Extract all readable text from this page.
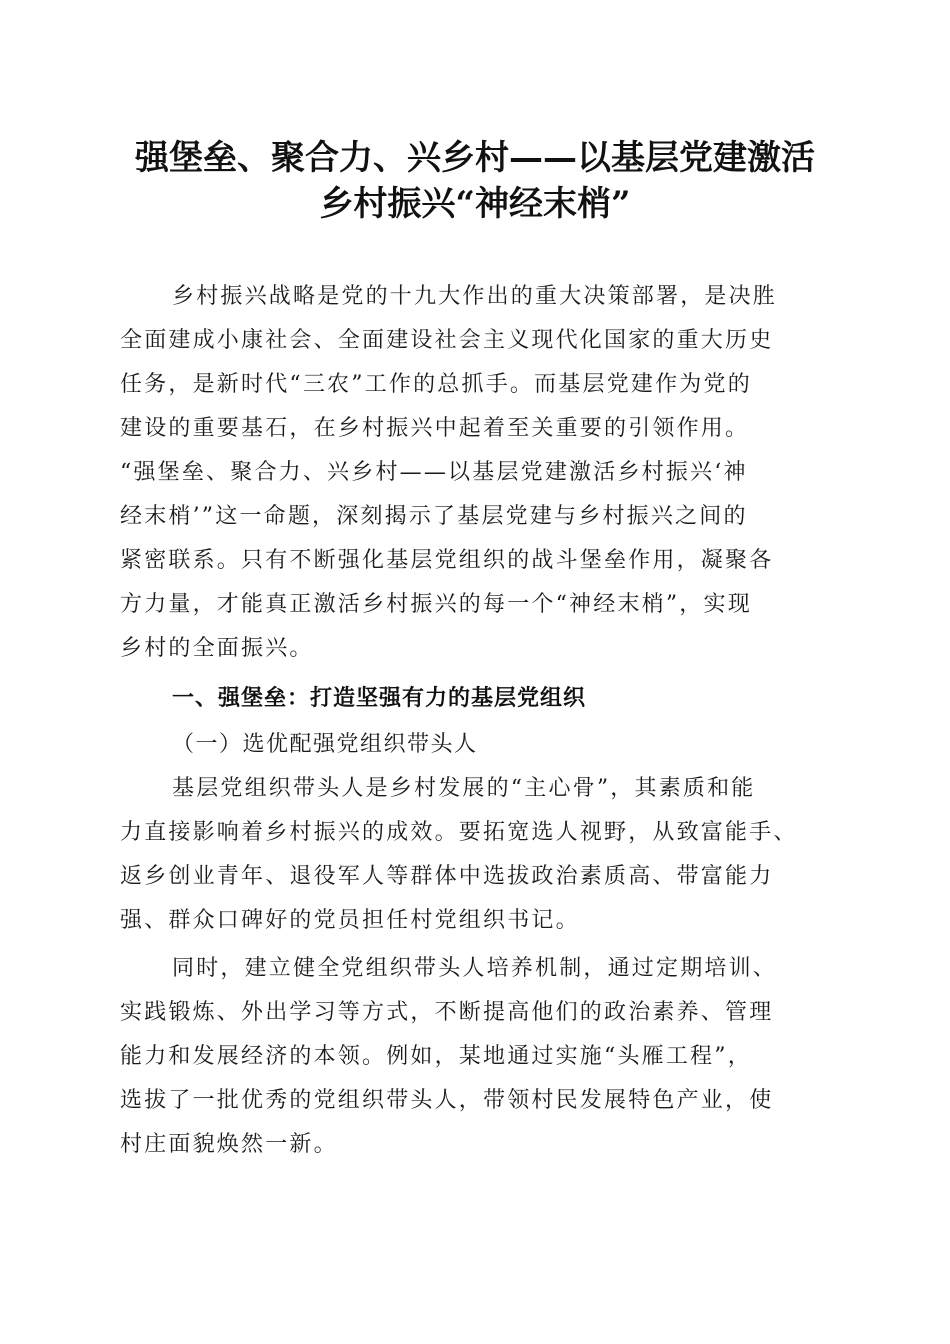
强堡垒、聚合力、兴乡村——以基层党建激活
乡村振兴“神经末梢”
乡村振兴战略是党的十九大作出的重大决策部署，是决胜
全面建成小康社会、全面建设社会主义现代化国家的重大历史
任务，是新时代“三农”工作的总抓手。而基层党建作为党的
建设的重要基石，在乡村振兴中起着至关重要的引领作用。
“强堡垒、聚合力、兴乡村——以基层党建激活乡村振兴‘神
经末梢’”这一命题，深刻揭示了基层党建与乡村振兴之间的
紧密联系。只有不断强化基层党组织的战斗堡垒作用，凝聚各
方力量，才能真正激活乡村振兴的每一个“神经末梢”，实现
乡村的全面振兴。
一、强堡垒：打造坚强有力的基层党组织
（一）选优配强党组织带头人
基层党组织带头人是乡村发展的“主心骨”，其素质和能
力直接影响着乡村振兴的成效。要拓宽选人视野，从致富能手、
返乡创业青年、退役军人等群体中选拔政治素质高、带富能力
强、群众口碑好的党员担任村党组织书记。
同时，建立健全党组织带头人培养机制，通过定期培训、
实践锻炼、外出学习等方式，不断提高他们的政治素养、管理
能力和发展经济的本领。例如，某地通过实施“头雁工程”，
选拔了一批优秀的党组织带头人，带领村民发展特色产业，使
村庄面貌焕然一新。
